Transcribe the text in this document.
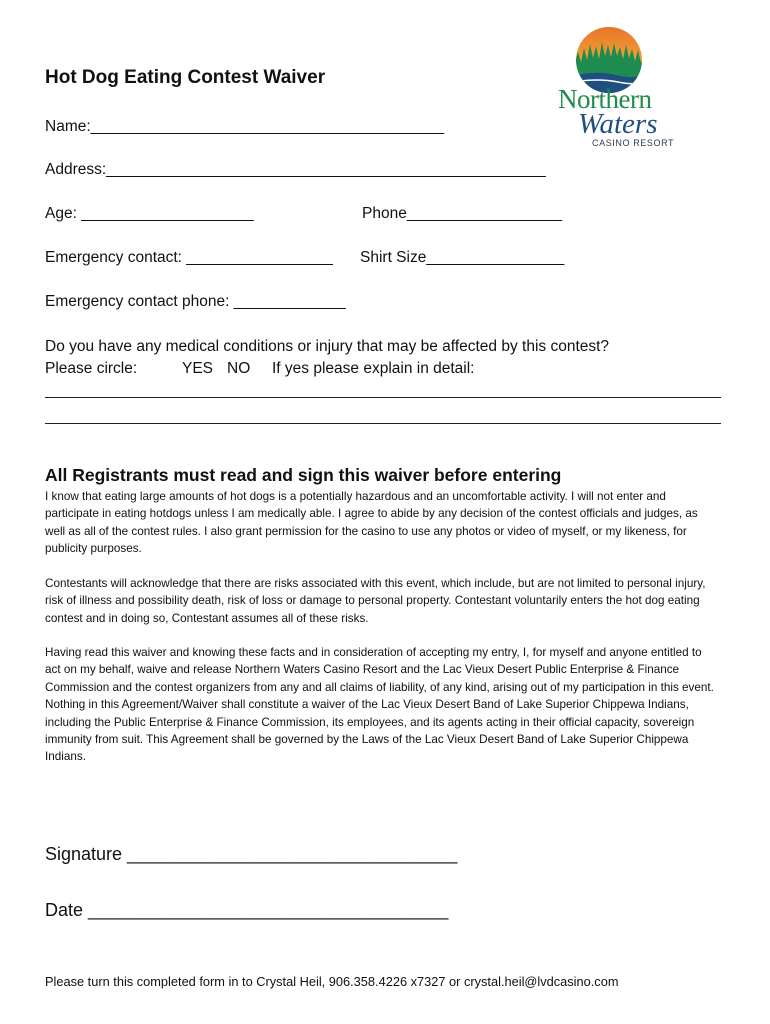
Hot Dog Eating Contest Waiver
Northern
Waters
CASINO RESORT
Name:_________________________________________
Address:___________________________________________________
Age: ____________________	Phone__________________
Emergency contact: _________________ Shirt Size________________
Emergency contact phone: _____________
Do you have any medical conditions or injury that may be affected by this contest?
Please circle:	YES NO If yes please explain in detail:
All Registrants must read and sign this waiver before entering
I know that eating large amounts of hot dogs is a potentially hazardous and an uncomfortable activity. I will not enter and participate in eating hotdogs unless I am medically able. I agree to abide by any decision of the contest officials and judges, as well as all of the contest rules. I also grant permission for the casino to use any photos or video of myself, or my likeness, for publicity purposes.
Contestants will acknowledge that there are risks associated with this event, which include, but are not limited to personal injury, risk of illness and possibility death, risk of loss or damage to personal property. Contestant voluntarily enters the hot dog eating contest and in doing so, Contestant assumes all of these risks.
Having read this waiver and knowing these facts and in consideration of accepting my entry, I, for myself and anyone entitled to act on my behalf, waive and release Northern Waters Casino Resort and the Lac Vieux Desert Public Enterprise & Finance Commission and the contest organizers from any and all claims of liability, of any kind, arising out of my participation in this event. Nothing in this Agreement/Waiver shall constitute a waiver of the Lac Vieux Desert Band of Lake Superior Chippewa Indians, including the Public Enterprise & Finance Commission, its employees, and its agents acting in their official capacity, sovereign immunity from suit. This Agreement shall be governed by the Laws of the Lac Vieux Desert Band of Lake Superior Chippewa Indians.
Signature _________________________________
Date ____________________________________
Please turn this completed form in to Crystal Heil, 906.358.4226 x7327 or crystal.heil@lvdcasino.com
